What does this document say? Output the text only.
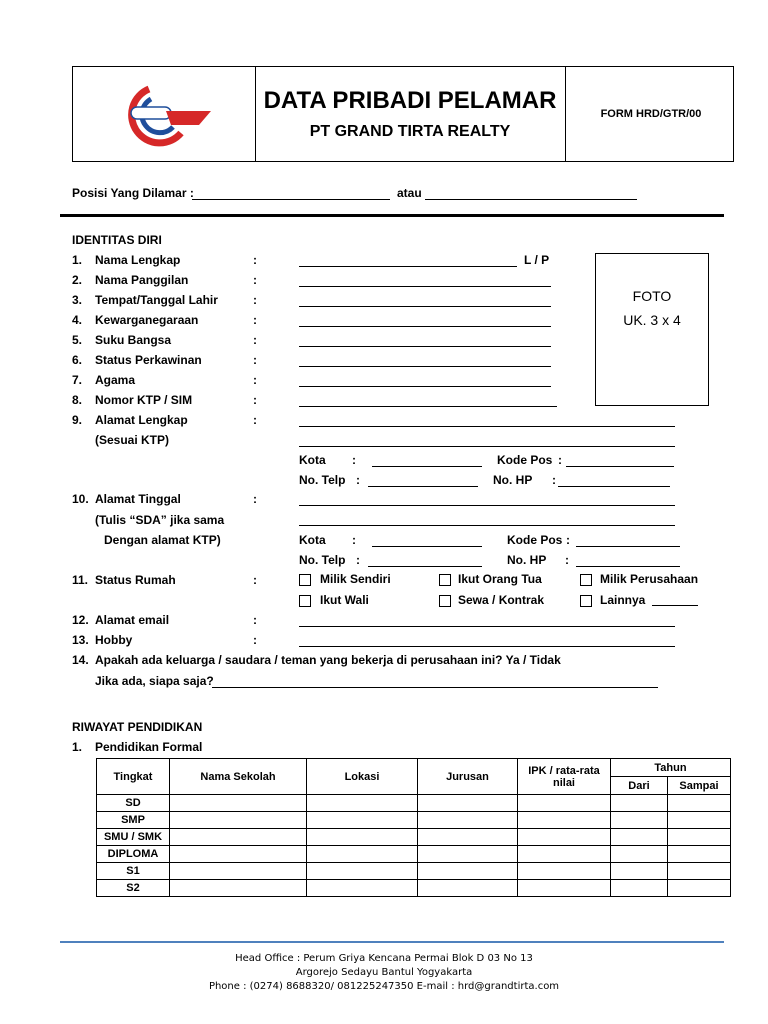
DATA PRIBADI PELAMAR
PT GRAND TIRTA REALTY
FORM HRD/GTR/00
Posisi Yang Dilamar :	atau
IDENTITAS DIRI
1. Nama Lengkap	:	L / P
2. Nama Panggilan	:
3. Tempat/Tanggal Lahir	:
4. Kewarganegaraan	:
5. Suku Bangsa	:
6. Status Perkawinan	:
7. Agama	:
8. Nomor KTP / SIM	:
9. Alamat Lengkap	:
(Sesuai KTP)
Kota :	Kode Pos :
No. Telp :	No. HP :
10. Alamat Tinggal	:
(Tulis “SDA” jika sama
Dengan alamat KTP)	Kota :	Kode Pos :
No. Telp :	No. HP :
11. Status Rumah	:	Milik Sendiri	Ikut Orang Tua	Milik Perusahaan
Ikut Wali	Sewa / Kontrak	Lainnya
12. Alamat email	:
13. Hobby	:
14. Apakah ada keluarga / saudara / teman yang bekerja di perusahaan ini? Ya / Tidak
Jika ada, siapa saja?
FOTO
UK. 3 x 4
RIWAYAT PENDIDIKAN
1. Pendidikan Formal
Tingkat	Nama Sekolah	Lokasi	Jurusan	IPK / rata-rata nilai	Tahun	
					Dari	Sampai
SD						
SMP						
SMU / SMK						
DIPLOMA						
S1						
S2						
Head Office : Perum Griya Kencana Permai Blok D 03 No 13
Argorejo Sedayu Bantul Yogyakarta
Phone : (0274) 8688320/ 081225247350 E-mail : hrd@grandtirta.com
